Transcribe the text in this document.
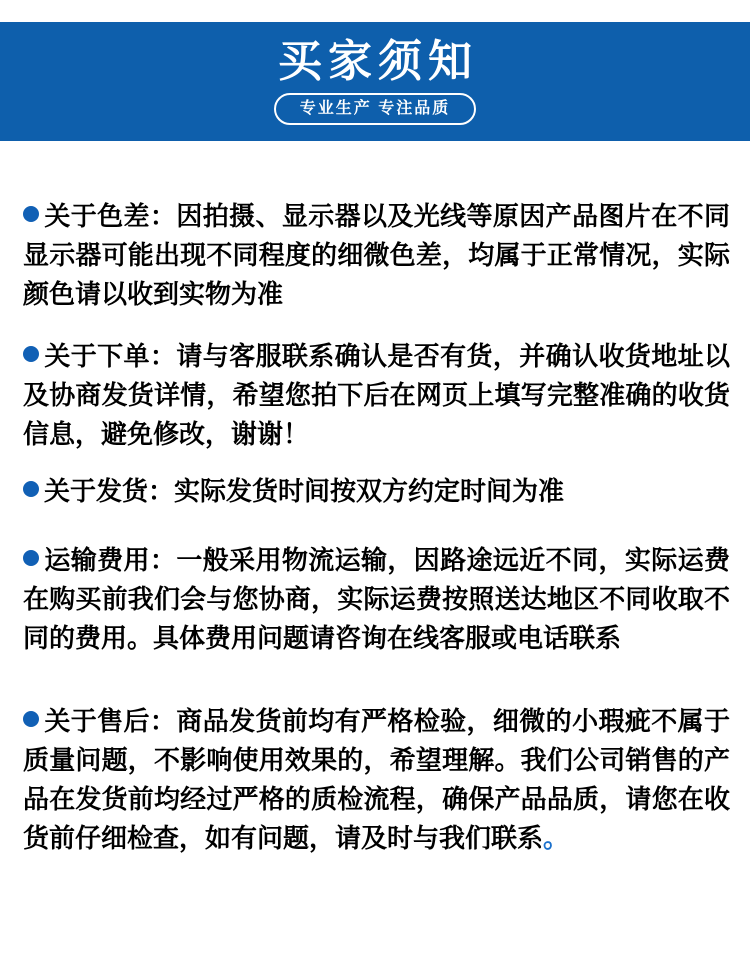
买家须知
专业生产 专注品质

关于色差：因拍摄、显示器以及光线等原因产品图片在不同显示器可能出现不同程度的细微色差，均属于正常情况，实际颜色请以收到实物为准

关于下单：请与客服联系确认是否有货，并确认收货地址以及协商发货详情，希望您拍下后在网页上填写完整准确的收货信息，避免修改，谢谢！

关于发货：实际发货时间按双方约定时间为准

运输费用：一般采用物流运输，因路途远近不同，实际运费在购买前我们会与您协商，实际运费按照送达地区不同收取不同的费用。具体费用问题请咨询在线客服或电话联系

关于售后：商品发货前均有严格检验，细微的小瑕疵不属于质量问题，不影响使用效果的，希望理解。我们公司销售的产品在发货前均经过严格的质检流程，确保产品品质，请您在收货前仔细检查，如有问题，请及时与我们联系。
